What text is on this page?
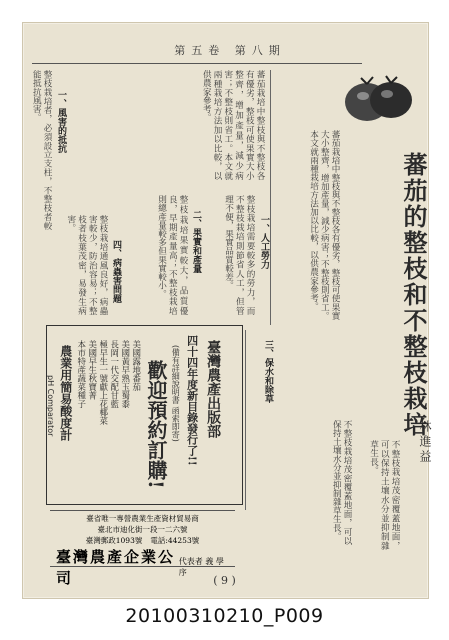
第五卷 第八期
蕃茄的整枝和不整枝栽培
林進益
蕃茄栽培中整枝與不整枝各有優劣，整枝可使果實大小整齊，增加產量，減少病害；不整枝則省工。本文就兩種栽培方法加以比較，以供農家參考。
一、人工勞力
整枝栽培需要較多的勞力，而不整枝栽培則節省人工，但管理不便，果實品質較差。
二、果實和產量
整枝栽培果實較大，品質優良，早期產量高；不整枝栽培則總產量較多但果實較小。
蕃茄栽培中整枝與不整枝各有優劣，整枝可使果實大小整齊，增加產量，減少病害；不整枝則省工。本文就兩種栽培方法加以比較，以供農家參考。
三、保水和除草
不整枝栽培茂密覆蓋地面，可以保持土壤水分並抑制雜草生長。
四、病蟲害問題
整枝栽培通風良好，病蟲害較少，防治容易；不整枝者枝葉茂密，易發生病害。
一、風害的抵抗
整枝栽培者，必須設立支柱，不整枝者較能抵抗風害。
臺灣農產出版部
四十四年度新目錄發行了!!
(備有詳細說明書 函索即寄)
歡迎預約訂購!
美國露地番茄
美國黃早熟玉蜀黍
長岡一代交配甘藍
極早生一號獻上花椰菜
美國早生秋寶菁
本市特產蔬菜種子
農業用簡易酸度計
pH Comparator
臺省唯一專營農業生產資材貿易商
臺北市迪化街一段一二六號
臺灣郵政1093號 電話:44253號
臺灣農產企業公司
代表者 義 學 序
不整枝栽培茂密覆蓋地面，可以保持土壤水分並抑制雜草生長。
( 9 )
20100310210_P009
